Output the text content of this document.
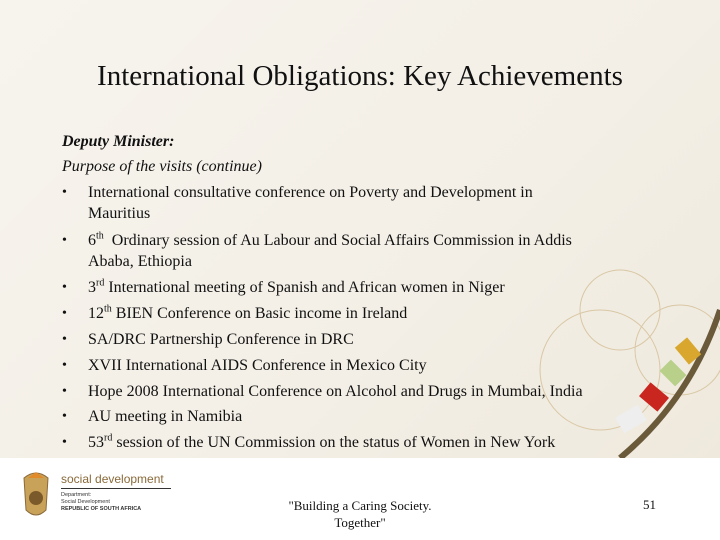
International Obligations: Key Achievements
Deputy Minister:
Purpose of the visits (continue)
• International consultative conference on Poverty and Development in
Mauritius
• 6th  Ordinary session of Au Labour and Social Affairs Commission in Addis
Ababa, Ethiopia
• 3rd International meeting of Spanish and African women in Niger
• 12th BIEN Conference on Basic income in Ireland
• SA/DRC Partnership Conference in DRC
• XVII International AIDS Conference in Mexico City
• Hope 2008 International Conference on Alcohol and Drugs in Mumbai, India
• AU meeting in Namibia
• 53rd session of the UN Commission on the status of Women in New York
social development
Department:
Social Development
REPUBLIC OF SOUTH AFRICA	"Building a Caring Society.
Together"
51
